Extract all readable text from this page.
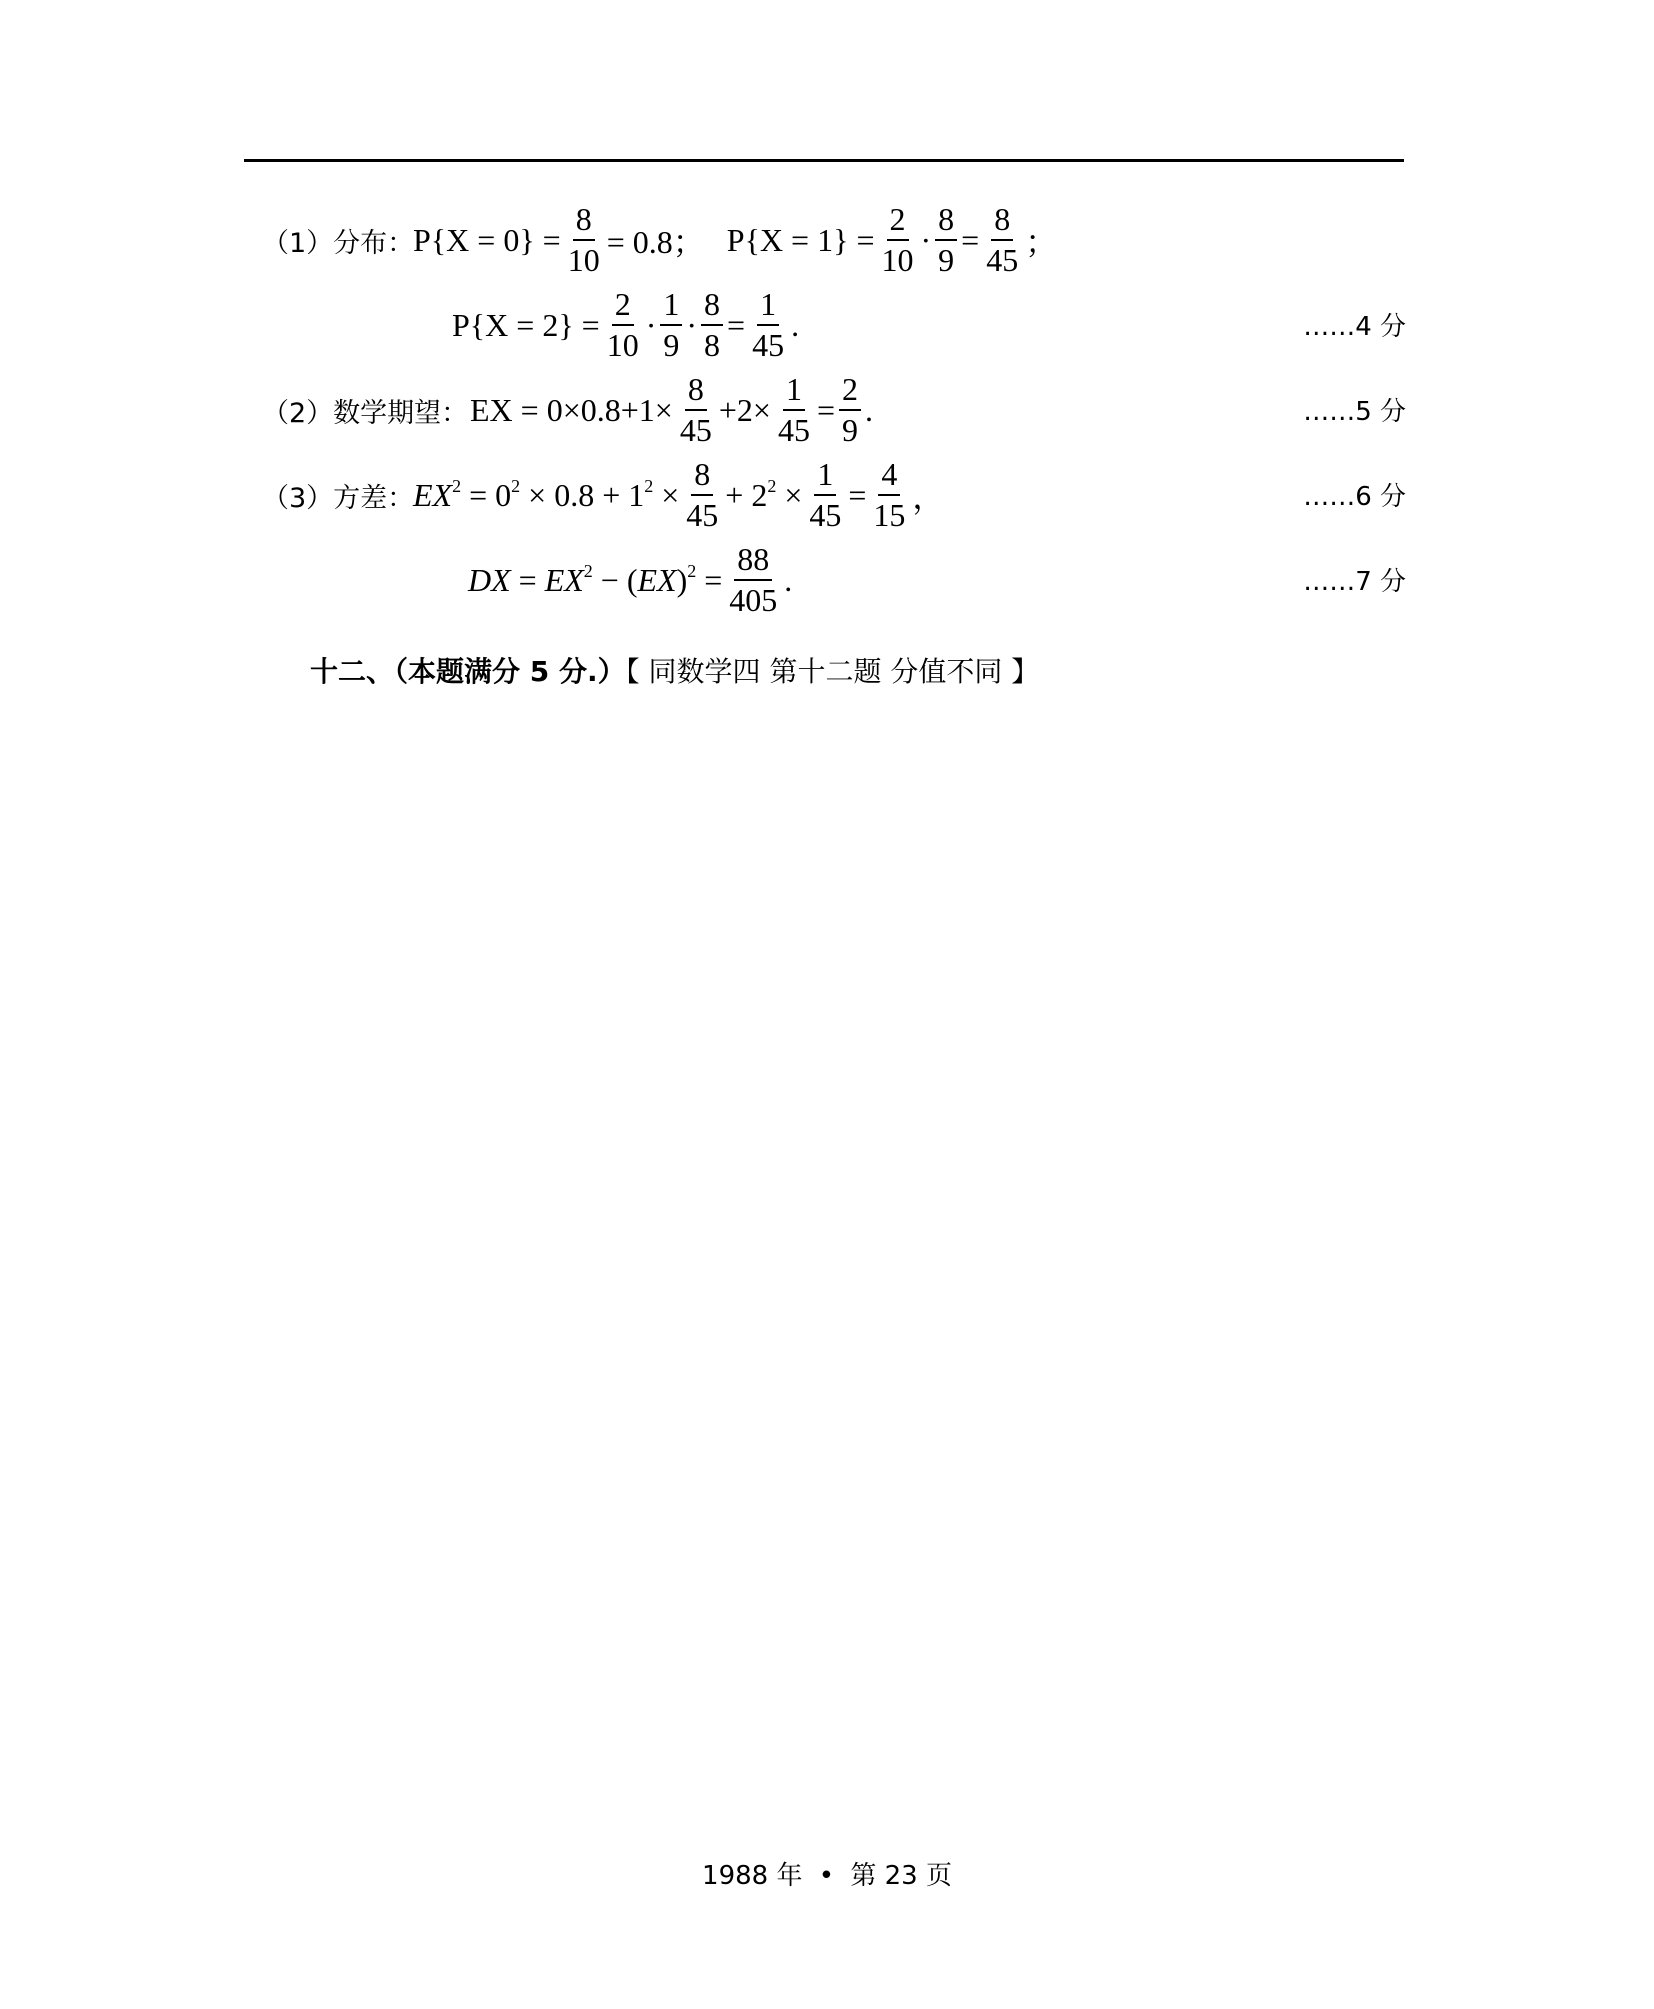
（1）分布：
$P\{X = 0\} = \frac{8}{10} = 0.8$； $P\{X = 1\} = \frac{2}{10} \cdot \frac{8}{9} = \frac{8}{45}$ ；
$P\{X = 2\} = \frac{2}{10} \cdot \frac{1}{9} \cdot \frac{8}{8} = \frac{1}{45}$ .	……4 分
（2）数学期望： EX = $0\times 0.8+1\times \frac{8}{45} +2\times \frac{1}{45} = \frac{2}{9}$ .	……5 分
（3）方差：
$EX^2 = 0^2 \times 0.8 + 1^2 \times \frac{8}{45} + 2^2 \times \frac{1}{45} = \frac{4}{15}$ ，	……6 分
DX = $EX^2 - (EX)^2 = \frac{88}{405}$ .	……7 分
十二、（本题满分 5 分.）【 同数学四 第十二题 分值不同 】
1988 年 • 第 23 页
